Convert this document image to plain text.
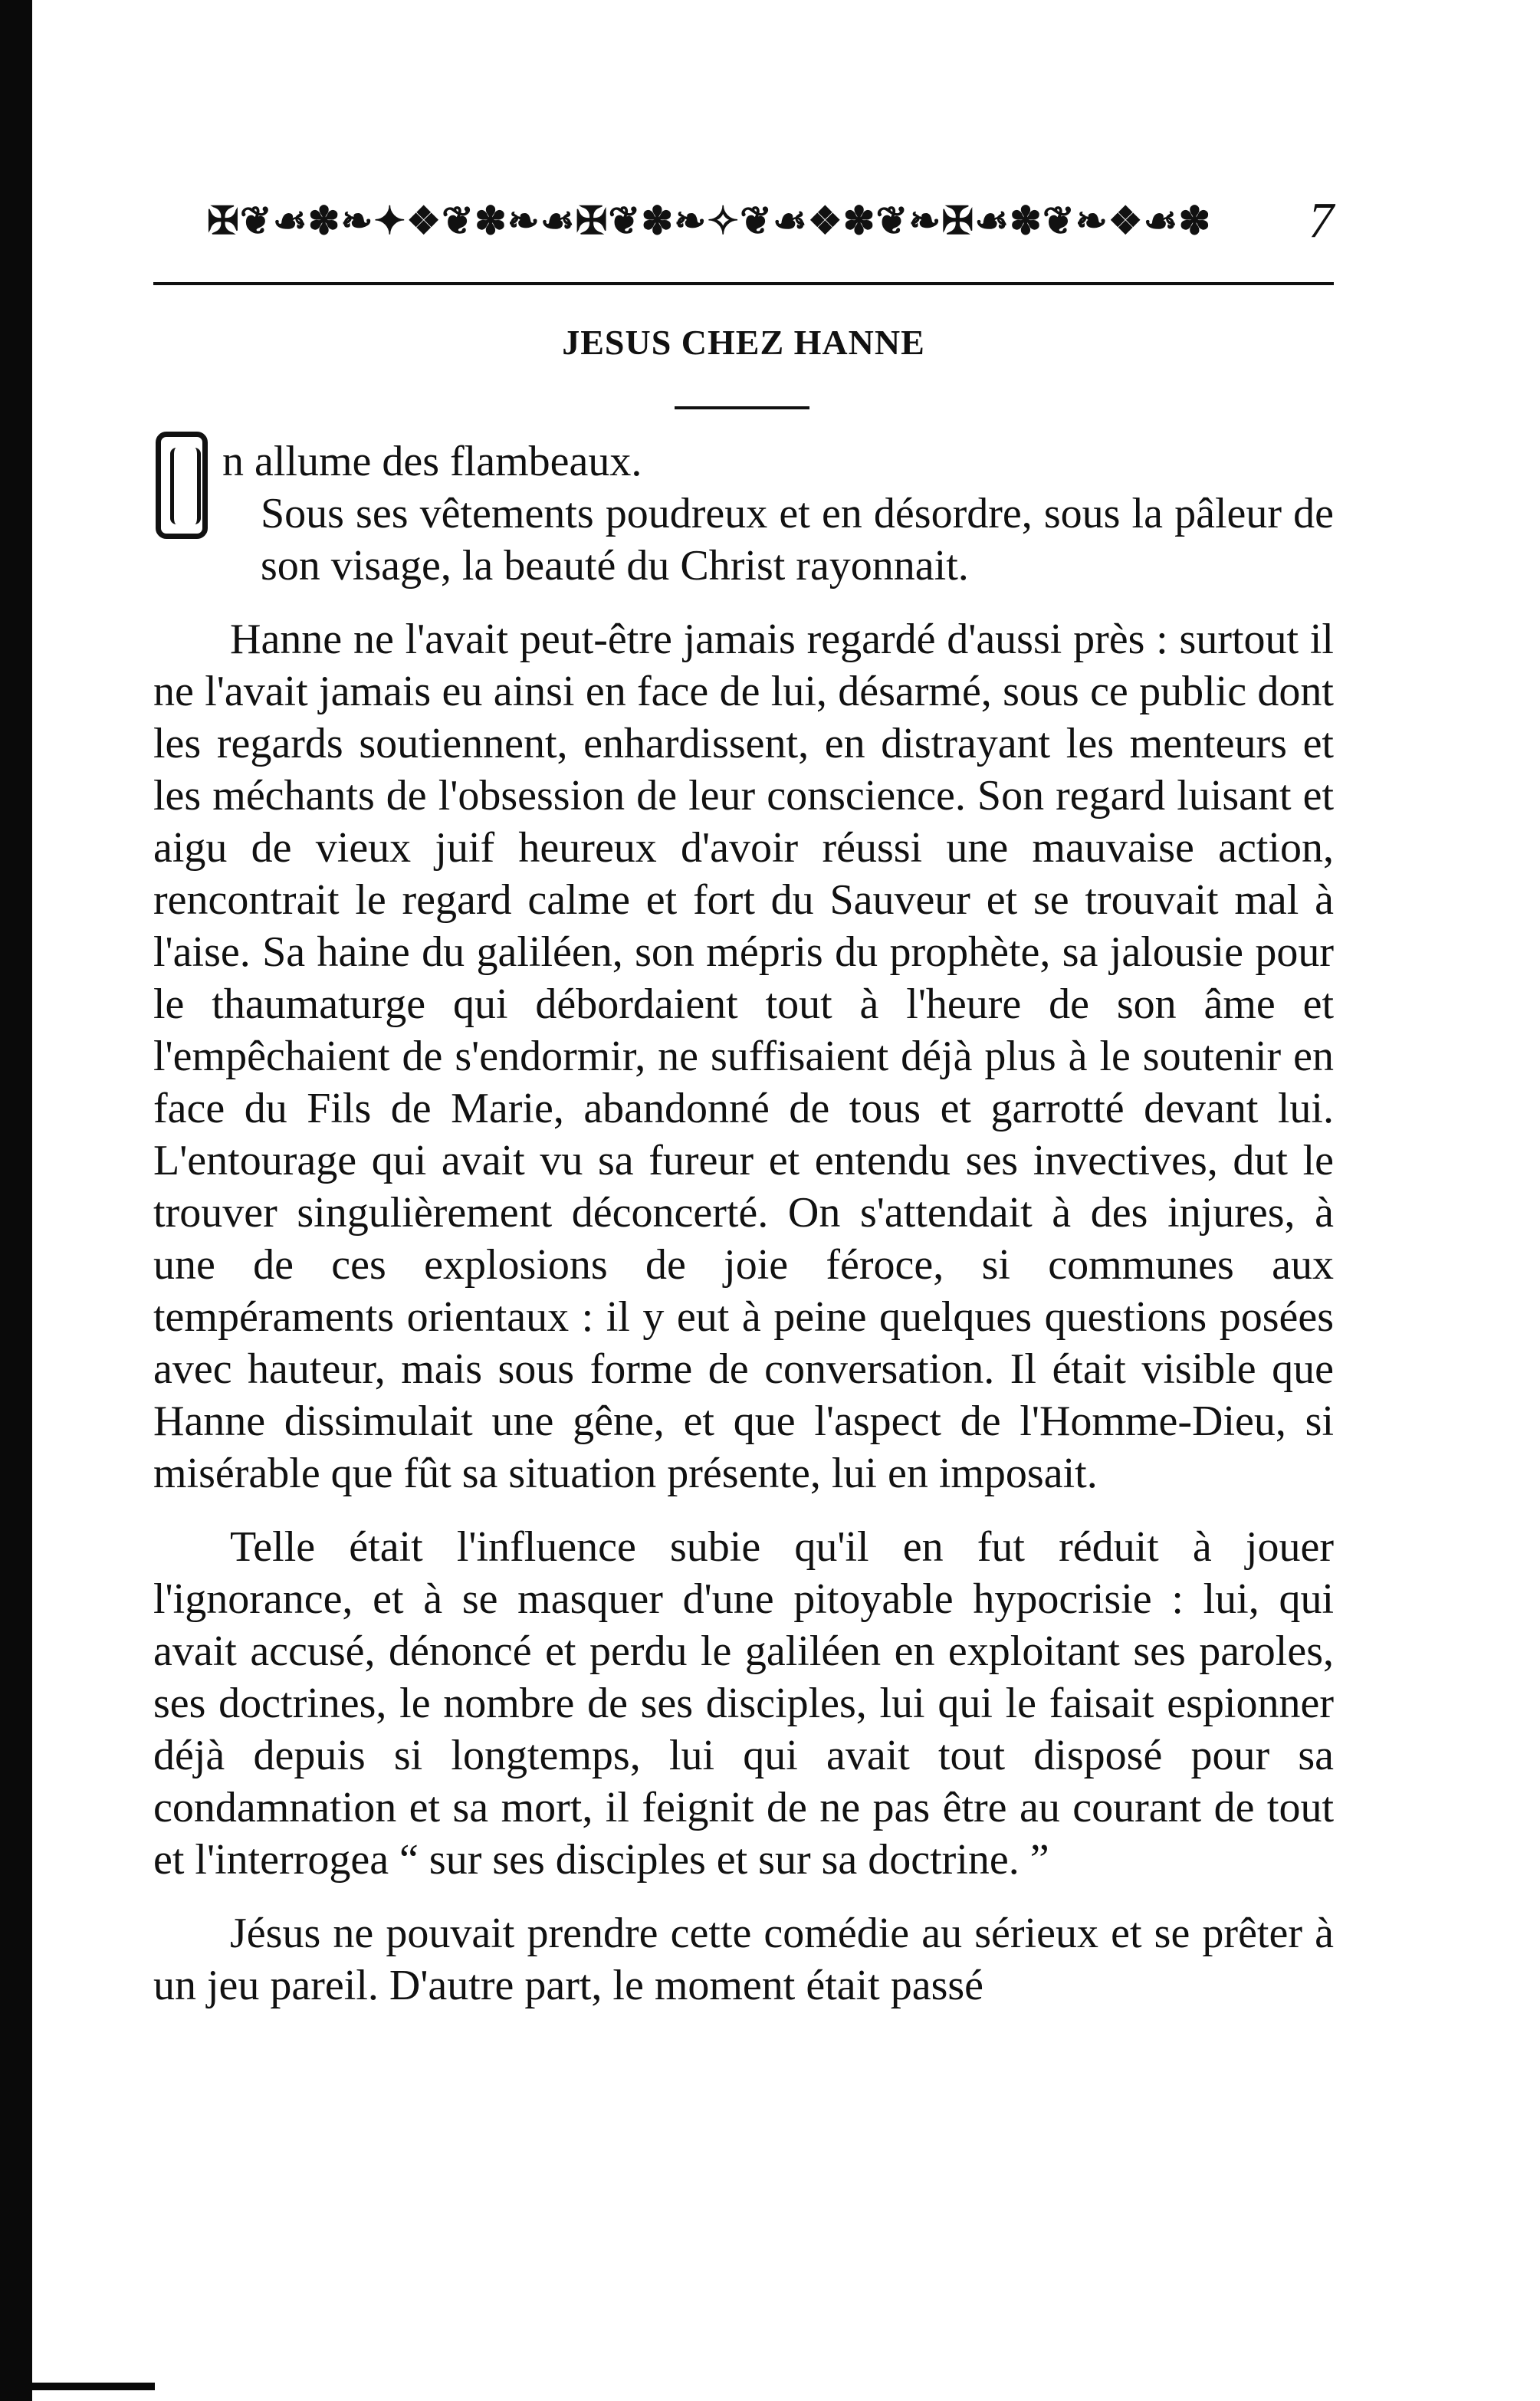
✠❦☙✽❧✦❖❦✽❧☙✠❦✽❧✧❦☙❖✽❦❧✠☙✽❦❧❖☙✽ 7
JESUS CHEZ HANNE

n allume des flambeaux.

Sous ses vêtements poudreux et en désordre, sous la pâleur de son visage, la beauté du Christ rayonnait.

Hanne ne l'avait peut-être jamais regardé d'aussi près : surtout il ne l'avait jamais eu ainsi en face de lui, désarmé, sous ce public dont les regards soutiennent, enhardissent, en distrayant les menteurs et les méchants de l'obsession de leur conscience. Son regard luisant et aigu de vieux juif heureux d'avoir réussi une mauvaise action, rencontrait le regard calme et fort du Sauveur et se trouvait mal à l'aise. Sa haine du galiléen, son mépris du prophète, sa jalousie pour le thaumaturge qui débordaient tout à l'heure de son âme et l'empêchaient de s'endormir, ne suffisaient déjà plus à le soutenir en face du Fils de Marie, abandonné de tous et garrotté devant lui. L'entourage qui avait vu sa fureur et entendu ses invectives, dut le trouver singulièrement déconcerté. On s'attendait à des injures, à une de ces explosions de joie féroce, si communes aux tempéraments orientaux : il y eut à peine quelques questions posées avec hauteur, mais sous forme de conversation. Il était visible que Hanne dissimulait une gêne, et que l'aspect de l'Homme-Dieu, si misérable que fût sa situation présente, lui en imposait.

Telle était l'influence subie qu'il en fut réduit à jouer l'ignorance, et à se masquer d'une pitoyable hypocrisie : lui, qui avait accusé, dénoncé et perdu le galiléen en exploitant ses paroles, ses doctrines, le nombre de ses disciples, lui qui le faisait espionner déjà depuis si longtemps, lui qui avait tout disposé pour sa condamnation et sa mort, il feignit de ne pas être au courant de tout et l'interrogea “ sur ses disciples et sur sa doctrine. ”

Jésus ne pouvait prendre cette comédie au sérieux et se prêter à un jeu pareil. D'autre part, le moment était passé
